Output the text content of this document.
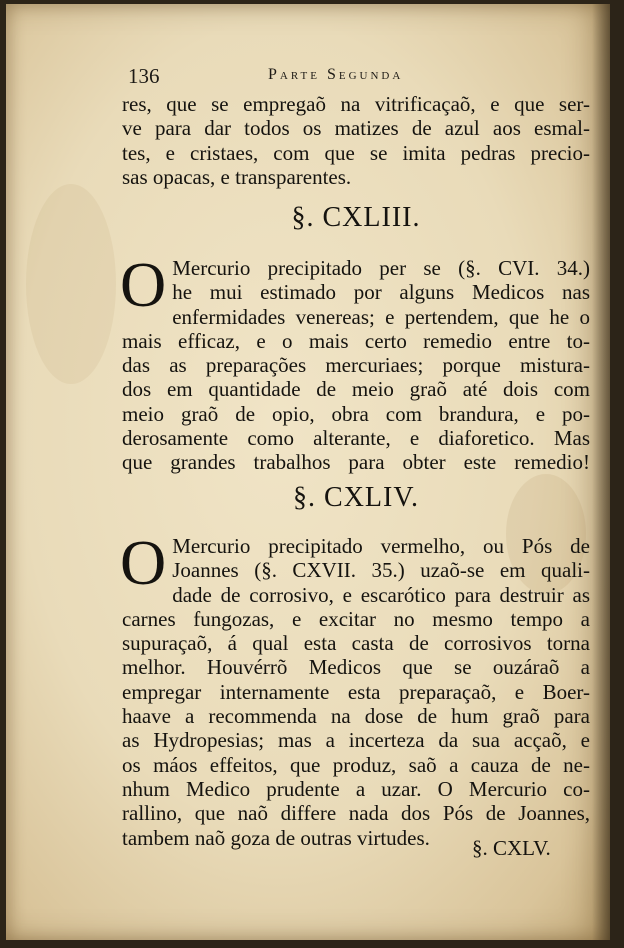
136	Parte Segunda
res, que se empregaõ na vitrificaçaõ, e que ser-
ve para dar todos os matizes de azul aos esmal-
tes, e cristaes, com que se imita pedras precio-
sas opacas, e transparentes.
§. CXLIII.
O Mercurio precipitado per se (§. CVI. 34.)
he mui estimado por alguns Medicos nas
enfermidades venereas; e pertendem, que he o
mais efficaz, e o mais certo remedio entre to-
das as preparações mercuriaes; porque mistura-
dos em quantidade de meio graõ até dois com
meio graõ de opio, obra com brandura, e po-
derosamente como alterante, e diaforetico. Mas
que grandes trabalhos para obter este remedio!
§. CXLIV.
O Mercurio precipitado vermelho, ou Pós de
Joannes (§. CXVII. 35.) uzaõ-se em quali-
dade de corrosivo, e escarótico para destruir as
carnes fungozas, e excitar no mesmo tempo a
supuraçaõ, á qual esta casta de corrosivos torna
melhor. Houvérrõ Medicos que se ouzáraõ a
empregar internamente esta preparaçaõ, e Boer-
haave a recommenda na dose de hum graõ para
as Hydropesias; mas a incerteza da sua acçaõ, e
os máos effeitos, que produz, saõ a cauza de ne-
nhum Medico prudente a uzar. O Mercurio co-
rallino, que naõ differe nada dos Pós de Joannes,
tambem naõ goza de outras virtudes.	§. CXLV.
